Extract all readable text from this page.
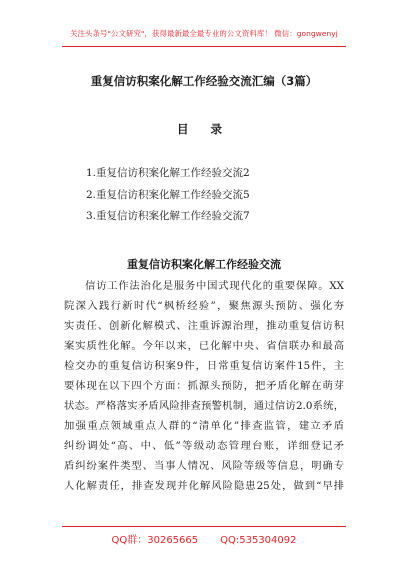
关注头条号"公文研究"，获得最新最全最专业的公文资料库！ 微信：gongwenyj
重复信访积案化解工作经验交流汇编（3篇）
目 录
1.重复信访积案化解工作经验交流2
2.重复信访积案化解工作经验交流5
3.重复信访积案化解工作经验交流7
重复信访积案化解工作经验交流
信访工作法治化是服务中国式现代化的重要保障。XX
院深入践行新时代“枫桥经验”，聚焦源头预防、强化夯
实责任、创新化解模式、注重诉源治理，推动重复信访积
案实质性化解。今年以来，已化解中央、省信联办和最高
检交办的重复信访积案9件，日常重复信访案件15件，主
要体现在以下四个方面：抓源头预防，把矛盾化解在萌芽
状态。严格落实矛盾风险排查预警机制，通过信访2.0系统，
加强重点领域重点人群的“清单化”排查监管，建立矛盾
纠纷调处“高、中、低”等级动态管理台账，详细登记矛
盾纠纷案件类型、当事人情况、风险等级等信息，明确专
人化解责任，排查发现并化解风险隐患25处，做到“早排
QQ群：30265665 QQ:535304092
